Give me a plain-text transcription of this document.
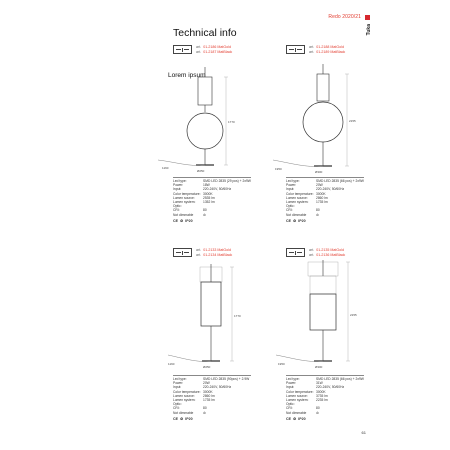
Redo 2020/21
Tuka
Technical info
art. 01-2186 MatGold
art. 01-2187 MatBlack
Lorem ipsum
1770
1160
Ø250
Led type:	SMD LED 2835 (29 pcs) + 2x9W
Power:	18W
Input:	220-240V, 50/60Hz
Color temperature: 3000K
Lumen source:	2535 lm
Lumen system:	1352 lm
Optic:
CRI:	80
Not dimmable	⊘
CE ♻ IP20
art. 01-2188 MatGold
art. 01-2189 MatBlack
2155
1950
Ø300
Led type:	SMD LED 2835 (66 pcs) + 2x9W
Power:	20W
Input:	220-240V, 50/60Hz
Color temperature: 3000K
Lumen source:	2860 lm
Lumen system:	1735 lm
Optic:
CRI:	80
Not dimmable	⊘
CE ♻ IP20
art. 01-2133 MatGold
art. 01-2134 MatBlack
1770
1160
Ø250
Led type:	SMD LED 2835 (90pcs) + 2.9W
Power:	20W
Input:	220-240V, 50/60Hz
Color temperature: 3000K
Lumen source:	2860 lm
Lumen system:	1735 lm
Optic:
CRI:	80
Not dimmable	⊘
CE ♻ IP20
art. 01-2135 MatGold
art. 01-2136 MatBlack
2155
1950
Ø300
Led type:	SMD LED 2835 (66 pcs) + 2x9W
Power:	31W
Input:	220-240V, 50/60Hz
Color temperature: 3000K
Lumen source:	3735 lm
Lumen system:	2235 lm
Optic:
CRI:	80
Not dimmable	⊘
CE ♻ IP20
61
